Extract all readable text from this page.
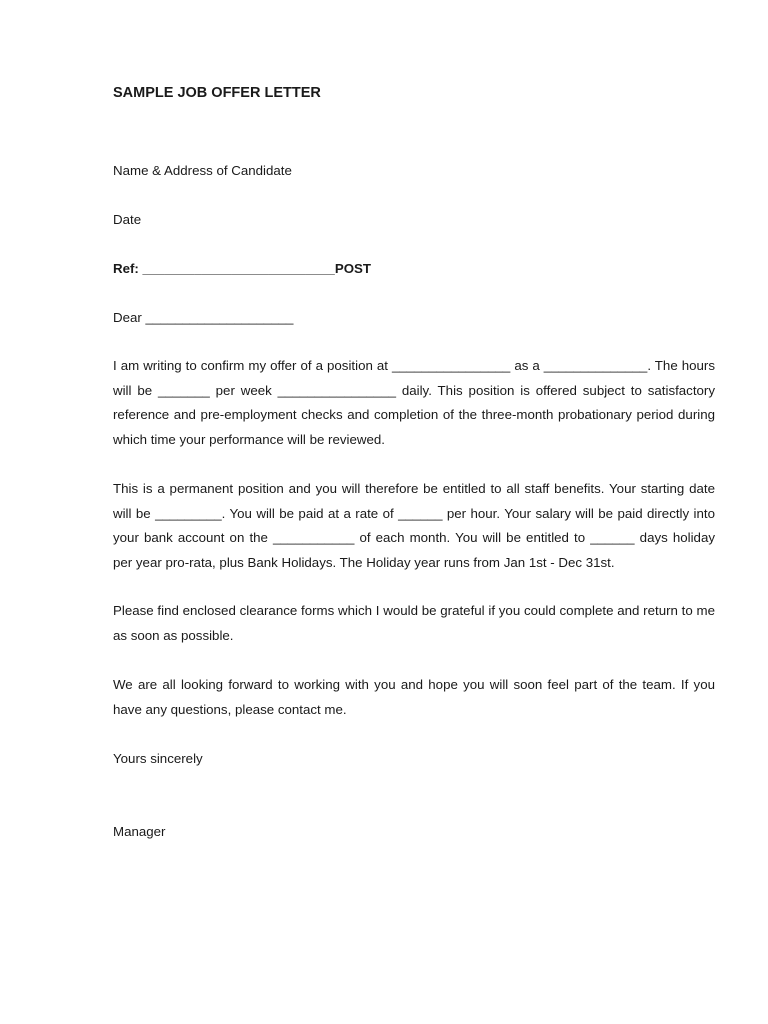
SAMPLE JOB OFFER LETTER
Name & Address of Candidate
Date
Ref: __________________________POST
Dear ____________________

I am writing to confirm my offer of a position at ________________ as a ______________. The hours will be _______ per week ________________ daily. This position is offered subject to satisfactory reference and pre-employment checks and completion of the three-month probationary period during which time your performance will be reviewed.

This is a permanent position and you will therefore be entitled to all staff benefits. Your starting date will be _________. You will be paid at a rate of ______ per hour. Your salary will be paid directly into your bank account on the ___________ of each month. You will be entitled to ______ days holiday per year pro-rata, plus Bank Holidays. The Holiday year runs from Jan 1st - Dec 31st.

Please find enclosed clearance forms which I would be grateful if you could complete and return to me as soon as possible.

We are all looking forward to working with you and hope you will soon feel part of the team. If you have any questions, please contact me.

Yours sincerely
Manager
